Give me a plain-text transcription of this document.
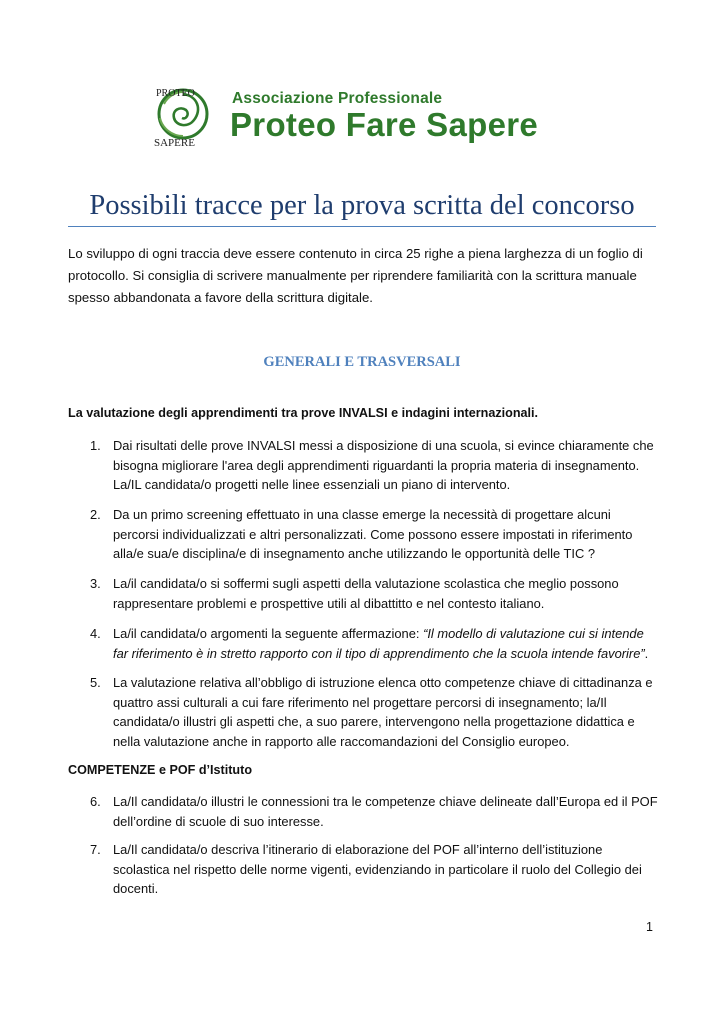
SAPERE
PROTEO Associazione Professionale
Proteo Fare Sapere
Possibili tracce per la prova scritta del concorso
Lo sviluppo di ogni traccia deve essere contenuto in circa 25 righe a piena larghezza di un foglio di protocollo. Si consiglia di scrivere manualmente per riprendere familiarità con la scrittura manuale spesso abbandonata a favore della scrittura digitale.
GENERALI E TRASVERSALI
La valutazione degli apprendimenti tra prove INVALSI e indagini internazionali.
1. Dai risultati delle prove INVALSI messi a disposizione di una scuola, si evince chiaramente che bisogna migliorare l'area degli apprendimenti riguardanti la propria materia di insegnamento. La/IL candidata/o progetti nelle linee essenziali un piano di intervento.
2. Da un primo screening effettuato in una classe emerge la necessità di progettare alcuni percorsi individualizzati e altri personalizzati. Come possono essere impostati in riferimento alla/e sua/e disciplina/e di insegnamento anche utilizzando le opportunità delle TIC ?
3. La/il candidata/o si soffermi sugli aspetti della valutazione scolastica che meglio possono rappresentare problemi e prospettive utili al dibattitto e nel contesto italiano.
4. La/il candidata/o argomenti la seguente affermazione: “Il modello di valutazione cui si intende far riferimento è in stretto rapporto con il tipo di apprendimento che la scuola intende favorire”.
5. La valutazione relativa all’obbligo di istruzione elenca otto competenze chiave di cittadinanza e quattro assi culturali a cui fare riferimento nel progettare percorsi di insegnamento; la/Il candidata/o illustri gli aspetti che, a suo parere, intervengono nella progettazione didattica e nella valutazione anche in rapporto alle raccomandazioni del Consiglio europeo.
COMPETENZE e POF d’Istituto
6. La/Il candidata/o illustri le connessioni tra le competenze chiave delineate dall’Europa ed il POF dell’ordine di scuole di suo interesse.
7. La/Il candidata/o descriva l’itinerario di elaborazione del POF all’interno dell’istituzione scolastica nel rispetto delle norme vigenti, evidenziando in particolare il ruolo del Collegio dei docenti.
1
